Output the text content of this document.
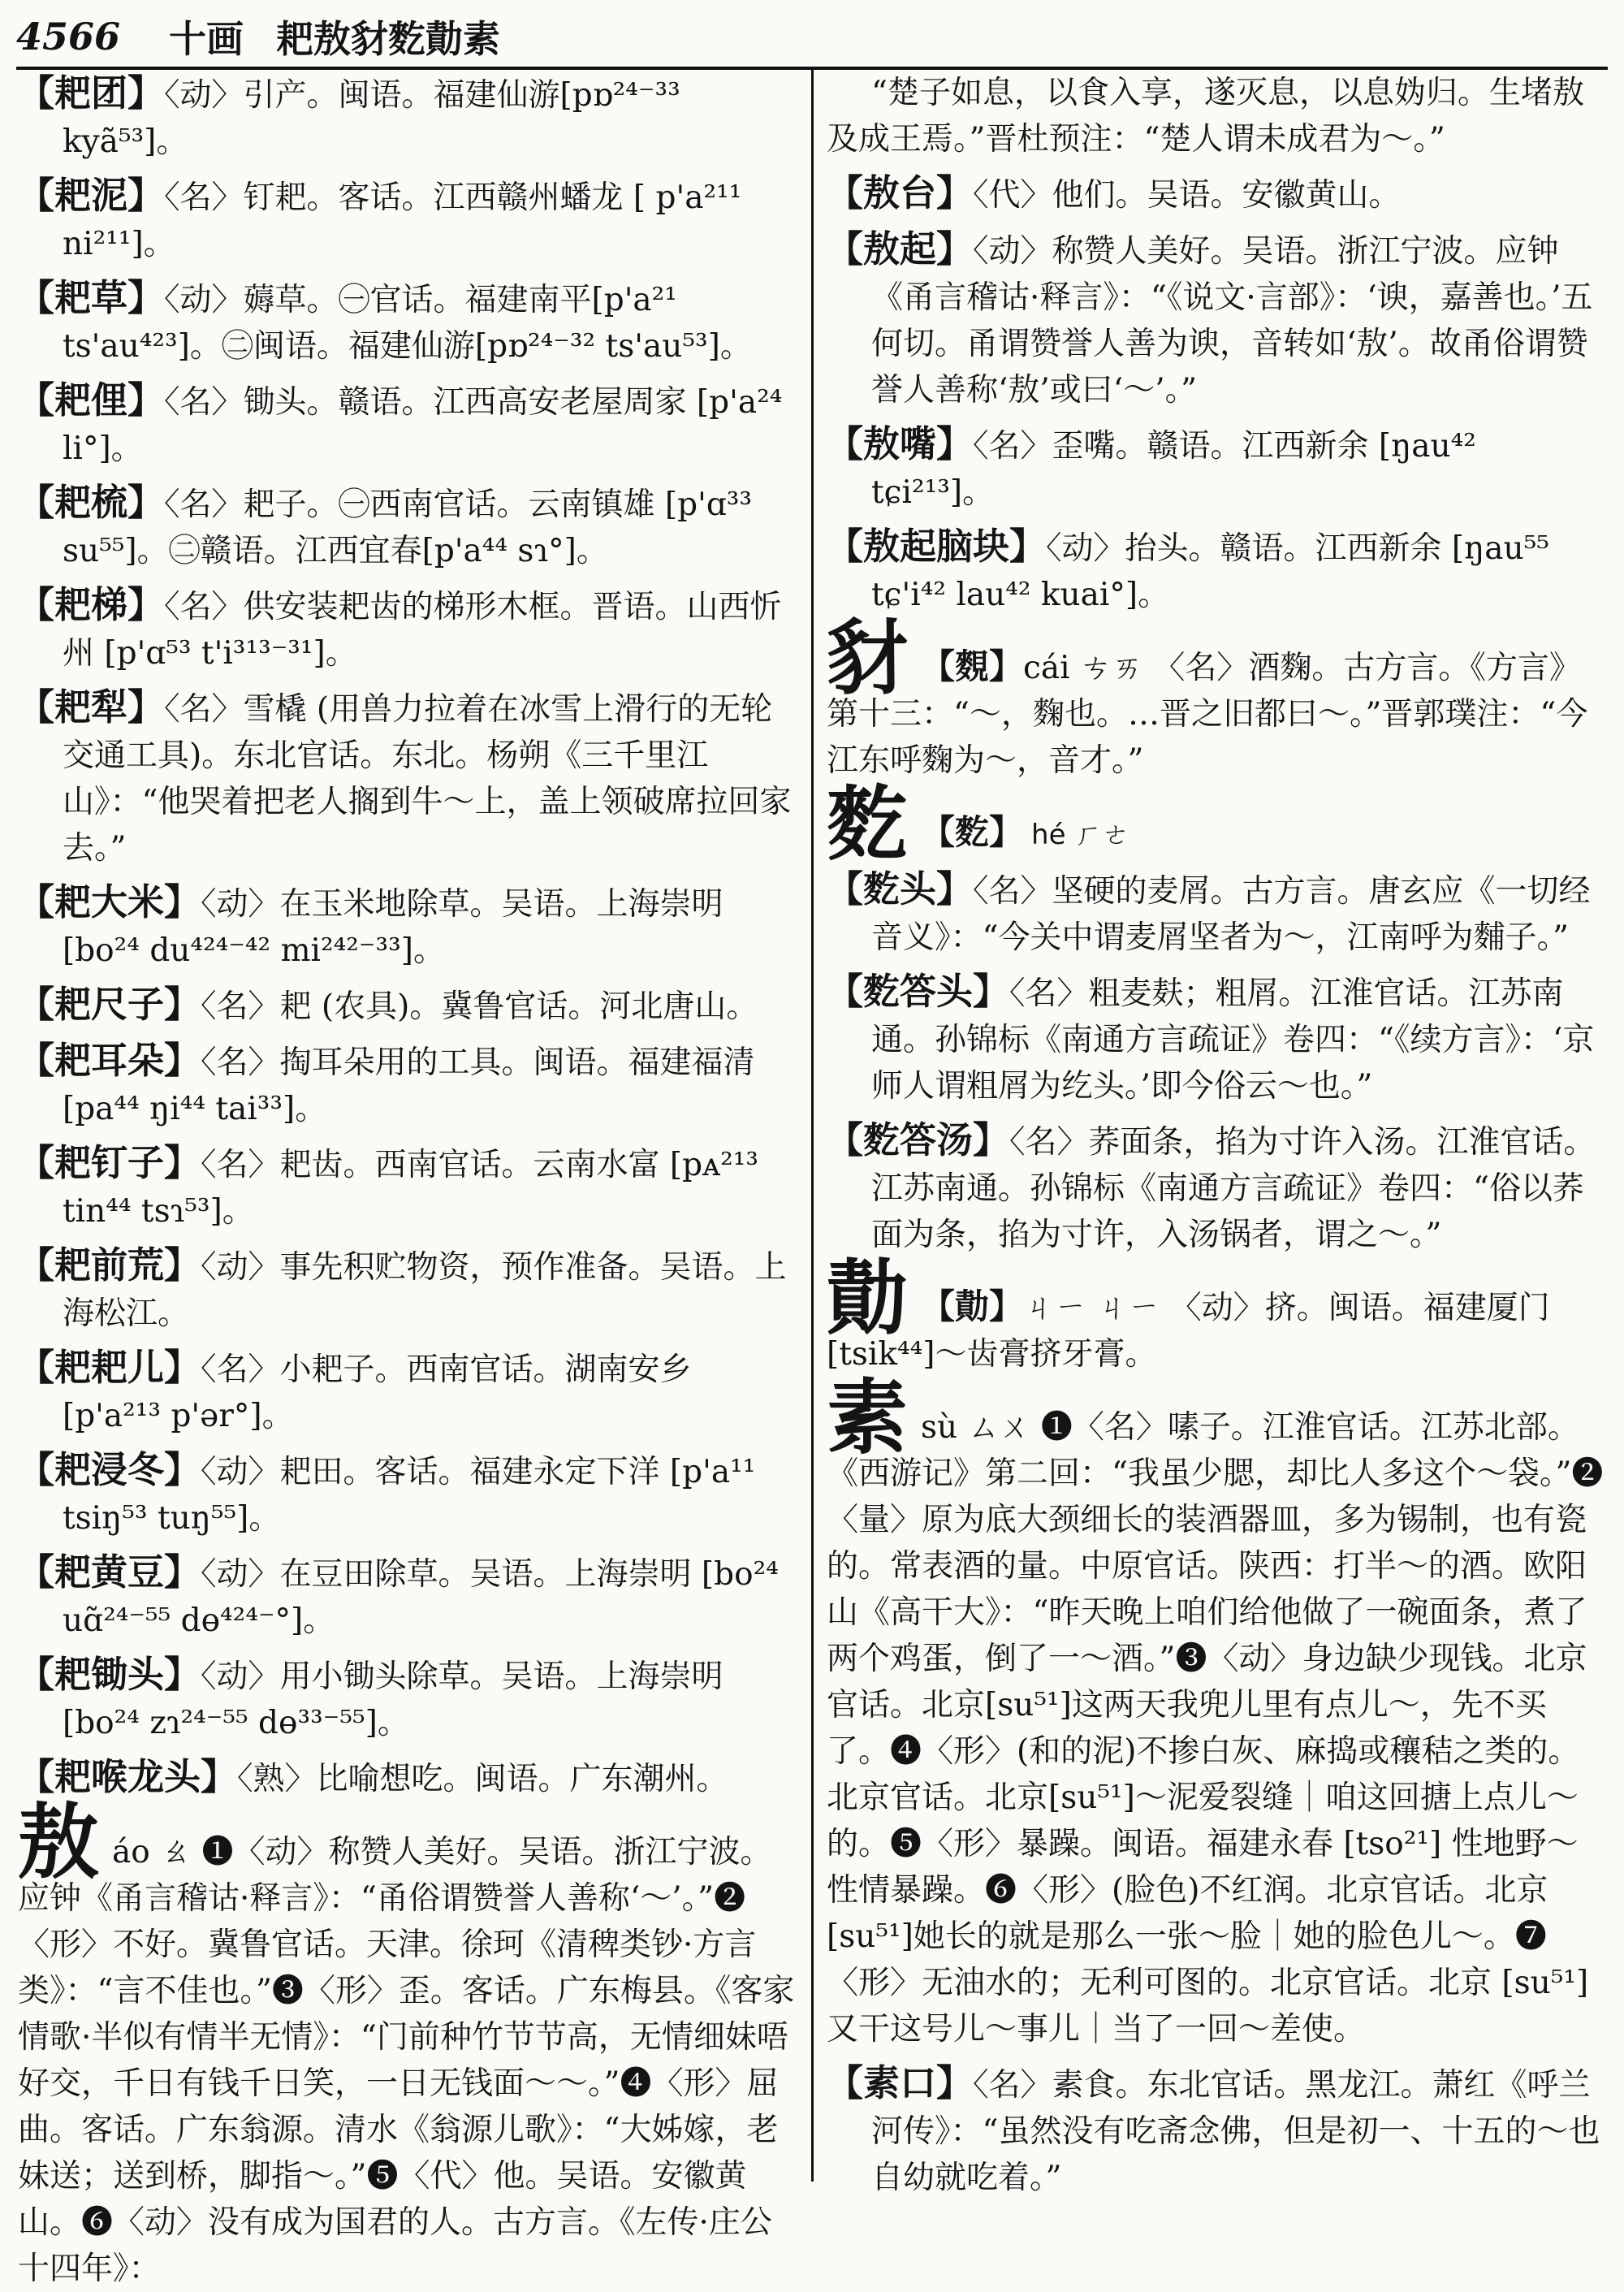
4566 十画 耙敖豺麧勣素
【耙团】〈动〉引产。闽语。福建仙游[pɒ²⁴⁻³³ kyã⁵³]。
【耙泥】〈名〉钉耙。客话。江西赣州蟠龙 [ p'a²¹¹ ni²¹¹]。
【耙草】〈动〉薅草。㊀官话。福建南平[p'a²¹ ts'au⁴²³]。㊁闽语。福建仙游[pɒ²⁴⁻³² ts'au⁵³]。
【耙俚】〈名〉锄头。赣语。江西高安老屋周家 [p'a²⁴ li°]。
【耙梳】〈名〉耙子。㊀西南官话。云南镇雄 [p'ɑ³³ su⁵⁵]。㊁赣语。江西宜春[p'a⁴⁴ sɿ°]。
【耙梯】〈名〉供安装耙齿的梯形木框。晋语。山西忻州 [p'ɑ⁵³ t'i³¹³⁻³¹]。
【耙犁】〈名〉雪橇 (用兽力拉着在冰雪上滑行的无轮交通工具)。东北官话。东北。杨朔《三千里江山》：“他哭着把老人搁到牛～上，盖上领破席拉回家去。”
【耙大米】〈动〉在玉米地除草。吴语。上海崇明[bo²⁴ du⁴²⁴⁻⁴² mi²⁴²⁻³³]。
【耙尺子】〈名〉耙 (农具)。冀鲁官话。河北唐山。
【耙耳朵】〈名〉掏耳朵用的工具。闽语。福建福清 [pa⁴⁴ ŋi⁴⁴ tai³³]。
【耙钉子】〈名〉耙齿。西南官话。云南水富 [pᴀ²¹³ tin⁴⁴ tsɿ⁵³]。
【耙前荒】〈动〉事先积贮物资，预作准备。吴语。上海松江。
【耙耙儿】〈名〉小耙子。西南官话。湖南安乡 [p'a²¹³ p'ər°]。
【耙浸冬】〈动〉耙田。客话。福建永定下洋 [p'a¹¹ tsiŋ⁵³ tuŋ⁵⁵]。
【耙黄豆】〈动〉在豆田除草。吴语。上海崇明 [bo²⁴ uɑ̃²⁴⁻⁵⁵ dɵ⁴²⁴⁻°]。
【耙锄头】〈动〉用小锄头除草。吴语。上海崇明[bo²⁴ zɿ²⁴⁻⁵⁵ dɵ³³⁻⁵⁵]。
【耙喉龙头】〈熟〉比喻想吃。闽语。广东潮州。
敖áo ㄠ ❶〈动〉称赞人美好。吴语。浙江宁波。应钟《甬言稽诂·释言》：“甬俗谓赞誉人善称‘～’。”❷〈形〉不好。冀鲁官话。天津。徐珂《清稗类钞·方言类》：“言不佳也。”❸〈形〉歪。客话。广东梅县。《客家情歌·半似有情半无情》：“门前种竹节节高，无情细妹唔好交，千日有钱千日笑，一日无钱面～～。”❹〈形〉屈曲。客话。广东翁源。清水《翁源儿歌》：“大姊嫁，老妹送；送到桥，脚指～。”❺〈代〉他。吴语。安徽黄山。❻〈动〉没有成为国君的人。古方言。《左传·庄公十四年》：
“楚子如息，以食入享，遂灭息，以息妫归。生堵敖及成王焉。”晋杜预注：“楚人谓未成君为～。”
【敖台】〈代〉他们。吴语。安徽黄山。
【敖起】〈动〉称赞人美好。吴语。浙江宁波。应钟《甬言稽诂·释言》：“《说文·言部》：‘谀，嘉善也。’五何切。甬谓赞誉人善为谀，音转如‘敖’。故甬俗谓赞誉人善称‘敖’或曰‘～’。”
【敖嘴】〈名〉歪嘴。赣语。江西新余 [ŋau⁴² tɕi²¹³]。
【敖起脑块】〈动〉抬头。赣语。江西新余 [ŋau⁵⁵ tɕ'i⁴² lau⁴² kuai°]。
豺 【麲】cái ㄘㄞ 〈名〉酒麴。古方言。《方言》第十三：“～，麴也。…晋之旧都曰～。”晋郭璞注：“今江东呼麴为～，音才。”
麧 【麧】 hé ㄏㄜ
【麧头】〈名〉坚硬的麦屑。古方言。唐玄应《一切经音义》：“今关中谓麦屑坚者为～，江南呼为麱子。”
【麧答头】〈名〉粗麦麸；粗屑。江淮官话。江苏南通。孙锦标《南通方言疏证》卷四：“《续方言》：‘京师人谓粗屑为纥头。’即今俗云～也。”
【麧答汤】〈名〉荞面条，掐为寸许入汤。江淮官话。江苏南通。孙锦标《南通方言疏证》卷四：“俗以荞面为条，掐为寸许，入汤锅者，谓之～。”
勣 【勣】ㄐㄧ ㄐㄧ 〈动〉挤。闽语。福建厦门 [tsik⁴⁴]～齿膏挤牙膏。
素sù ㄙㄨ ❶〈名〉嗉子。江淮官话。江苏北部。《西游记》第二回：“我虽少腮，却比人多这个～袋。”❷〈量〉原为底大颈细长的装酒器皿，多为锡制，也有瓷的。常表酒的量。中原官话。陕西：打半～的酒。欧阳山《高干大》：“昨天晚上咱们给他做了一碗面条，煮了两个鸡蛋，倒了一～酒。”❸〈动〉身边缺少现钱。北京官话。北京[su⁵¹]这两天我兜儿里有点儿～，先不买了。❹〈形〉(和的泥)不掺白灰、麻捣或穰秸之类的。北京官话。北京[su⁵¹]～泥爱裂缝｜咱这回搪上点儿～的。❺〈形〉暴躁。闽语。福建永春 [tso²¹] 性地野～性情暴躁。❻〈形〉(脸色)不红润。北京官话。北京 [su⁵¹]她长的就是那么一张～脸｜她的脸色儿～。❼〈形〉无油水的；无利可图的。北京官话。北京 [su⁵¹] 又干这号儿～事儿｜当了一回～差使。
【素口】〈名〉素食。东北官话。黑龙江。萧红《呼兰河传》：“虽然没有吃斋念佛，但是初一、十五的～也自幼就吃着。”
